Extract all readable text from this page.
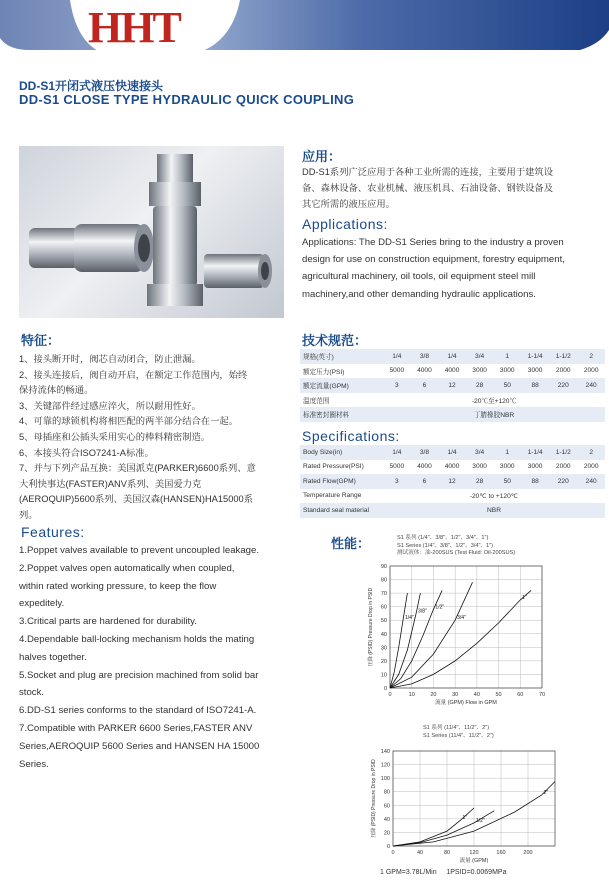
HHT
DD-S1开闭式液压快速接头
DD-S1 CLOSE TYPE HYDRAULIC QUICK COUPLING
应用：
DD-S1系列广泛应用于各种工业所需的连接，主要用于建筑设
备、森林设备、农业机械、液压机具、石油设备、钢铁设备及
其它所需的液压应用。
Applications:
Applications: The DD-S1 Series bring to the industry a proven
design for use on construction equipment, forestry equipment,
agricultural machinery, oil tools, oil equipment steel mill
machinery,and other demanding hydraulic applications.
特征：
1、接头断开时，阀芯自动闭合，防止泄漏。
2、接头连接后，阀自动开启，在额定工作范围内，始终
保持流体的畅通。
3、关键部件经过感应淬火，所以耐用性好。
4、可靠的球锁机构将相匹配的两半部分结合在一起。
5、母插座和公插头采用实心的棒料精密制造。
6、本接头符合ISO7241-A标准。
7、并与下列产品互换：美国派克(PARKER)6600系列、意
大利快事达(FASTER)ANV系列、美国爱力克
(AEROQUIP)5600系列、美国汉森(HANSEN)HA15000系
列。
Features:
1.Poppet valves available to prevent uncoupled leakage.
2.Poppet valves open automatically when coupled,
within rated working pressure, to keep the flow
expeditely.
3.Critical parts are hardened for durability.
4.Dependable ball-locking mechanism holds the mating
halves together.
5.Socket and plug are precision machined from solid bar
stock.
6.DD-S1 series conforms to the standard of ISO7241-A.
7.Compatible with PARKER 6600 Series,FASTER ANV
Series,AEROQUIP 5600 Series and HANSEN HA 15000
Series.
技术规范：
规格(英寸)	1/4	3/8	1/4	3/4	1	1-1/4	1-1/2	2
额定压力(PSI)	5000	4000	4000	3000	3000	3000	2000	2000
额定流量(GPM)	3	6	12	28	50	88	220	240
温度范围	-20℃至+120℃							
标准密封圈材料	丁腈橡胶NBR							
Specifications:
Body Size(in)	1/4	3/8	1/4	3/4	1	1-1/4	1-1/2	2
Rated Pressure(PSI)	5000	4000	4000	3000	3000	3000	2000	2000
Rated Flow(GPM)	3	6	12	28	50	88	220	240
Temperature Range	-20℃ to +120℃							
Standard seal material	NBR							
性能：	S1 系列 (1/4"、3/8"、1/2"、3/4"、1")
S1 Series (1/4"、3/8"、1/2"、3/4"、1")
测试液体：油-200SUS (Test Fluid: Oil-200SUS)
0
10
20
30
40
50
60
70
80
90
0	10	20	30	40	50	60	70
流量 (GPM) Flow in GPM
压降 (PSID) Pressure Drop in PSID	1/4"
3/8"
1/2"
3/4"
1"
S1 系列 (11/4"、11/2"、2")
S1 Series (11/4"、11/2"、2")
0
20
40
60
80
100
120
140
0	40	80	120	160	200
流量 (GPM)
压降 (PSID) Pressure Drop in PSID	1" 1/2"
2"
1 GPM=3.78L/Min     1PSID=0.0069MPa
